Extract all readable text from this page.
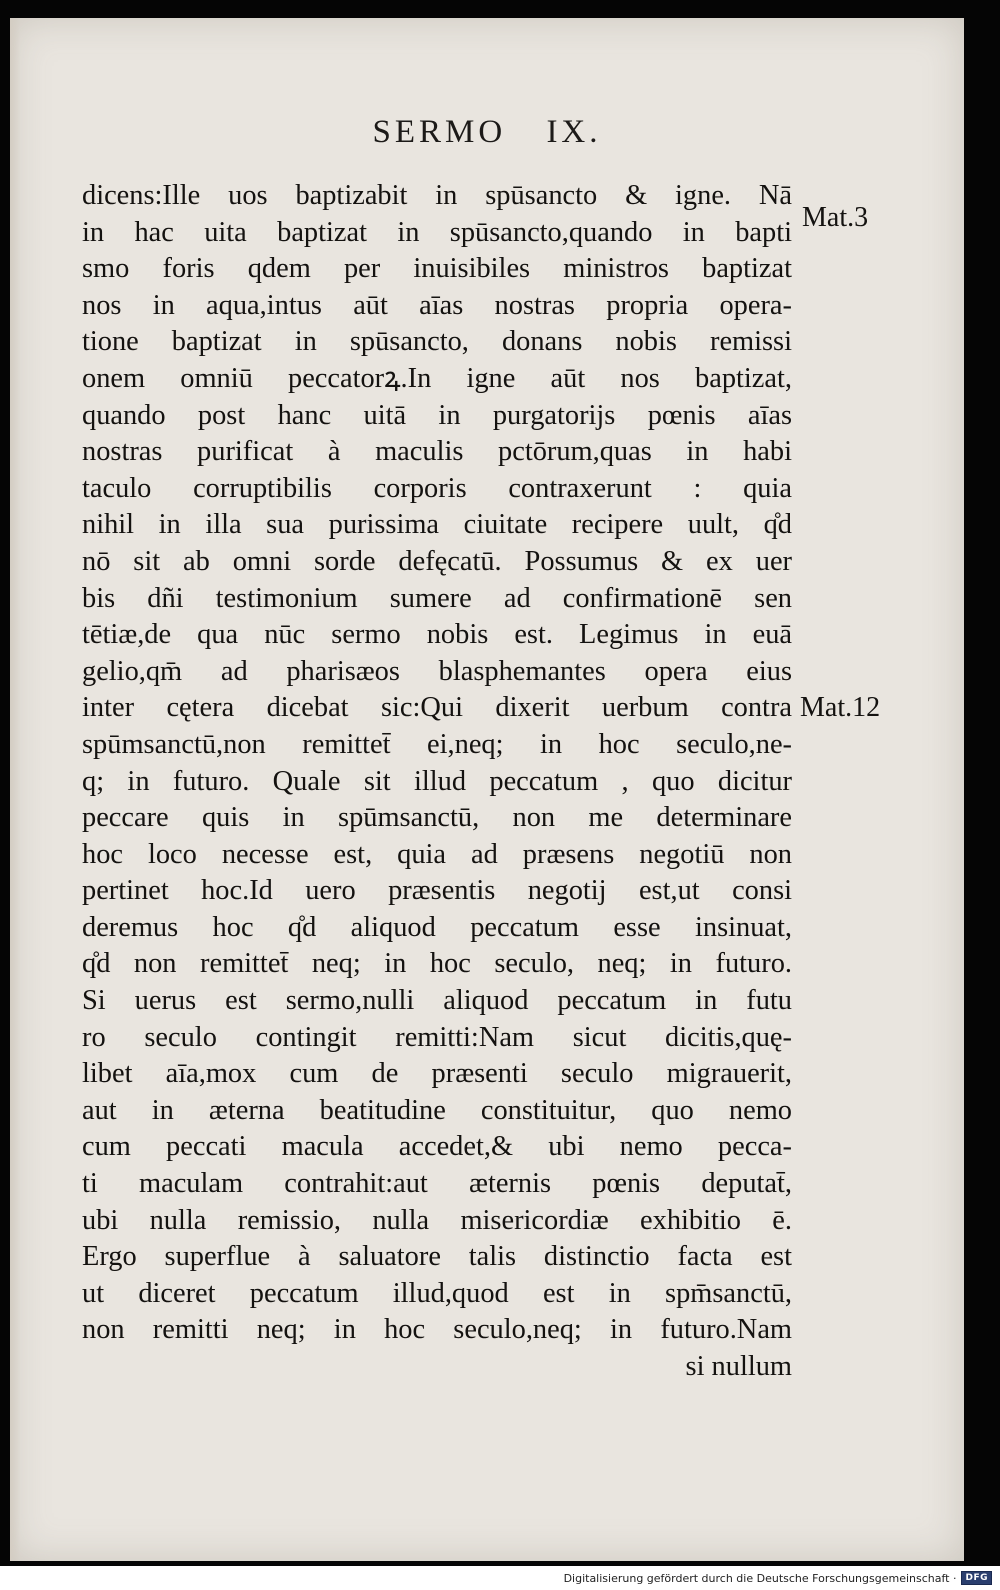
SERMO IX.
Mat.3
Mat.12
dicens:Ille uos baptizabit in spūsancto & igne. Nā
in hac uita baptizat in spūsancto,quando in bapti
smo foris qdem per inuisibiles ministros baptizat
nos in aqua,intus aūt aīas nostras propria opera-
tione baptizat in spūsancto, donans nobis remissi
onem omniū peccatorꝝ.In igne aūt nos baptizat,
quando post hanc uitā in purgatorijs pœnis aīas
nostras purificat à maculis pctōrum,quas in habi
taculo corruptibilis corporis contraxerunt : quia
nihil in illa sua purissima ciuitate recipere uult, q̊d
nō sit ab omni sorde defęcatū. Possumus & ex uer
bis dñi testimonium sumere ad confirmationē sen
tētiæ,de qua nūc sermo nobis est. Legimus in euā
gelio,qm̄ ad pharisæos blasphemantes opera eius
inter cętera dicebat sic:Qui dixerit uerbum contra
spūmsanctū,non remittet̄ ei,neq; in hoc seculo,ne-
q; in futuro. Quale sit illud peccatum , quo dicitur
peccare quis in spūmsanctū, non me determinare
hoc loco necesse est, quia ad præsens negotiū non
pertinet hoc.Id uero præsentis negotij est,ut consi
deremus hoc q̊d aliquod peccatum esse insinuat,
q̊d non remittet̄ neq; in hoc seculo, neq; in futuro.
Si uerus est sermo,nulli aliquod peccatum in futu
ro seculo contingit remitti:Nam sicut dicitis,quę-
libet aīa,mox cum de præsenti seculo migrauerit,
aut in æterna beatitudine constituitur, quo nemo
cum peccati macula accedet,& ubi nemo pecca-
ti maculam contrahit:aut æternis pœnis deputat̄,
ubi nulla remissio, nulla misericordiæ exhibitio ē.
Ergo superflue à saluatore talis distinctio facta est
ut diceret peccatum illud,quod est in spm̄sanctū,
non remitti neq; in hoc seculo,neq; in futuro.Nam
si nullum
Digitalisierung gefördert durch die Deutsche Forschungsgemeinschaft ·	DFG
